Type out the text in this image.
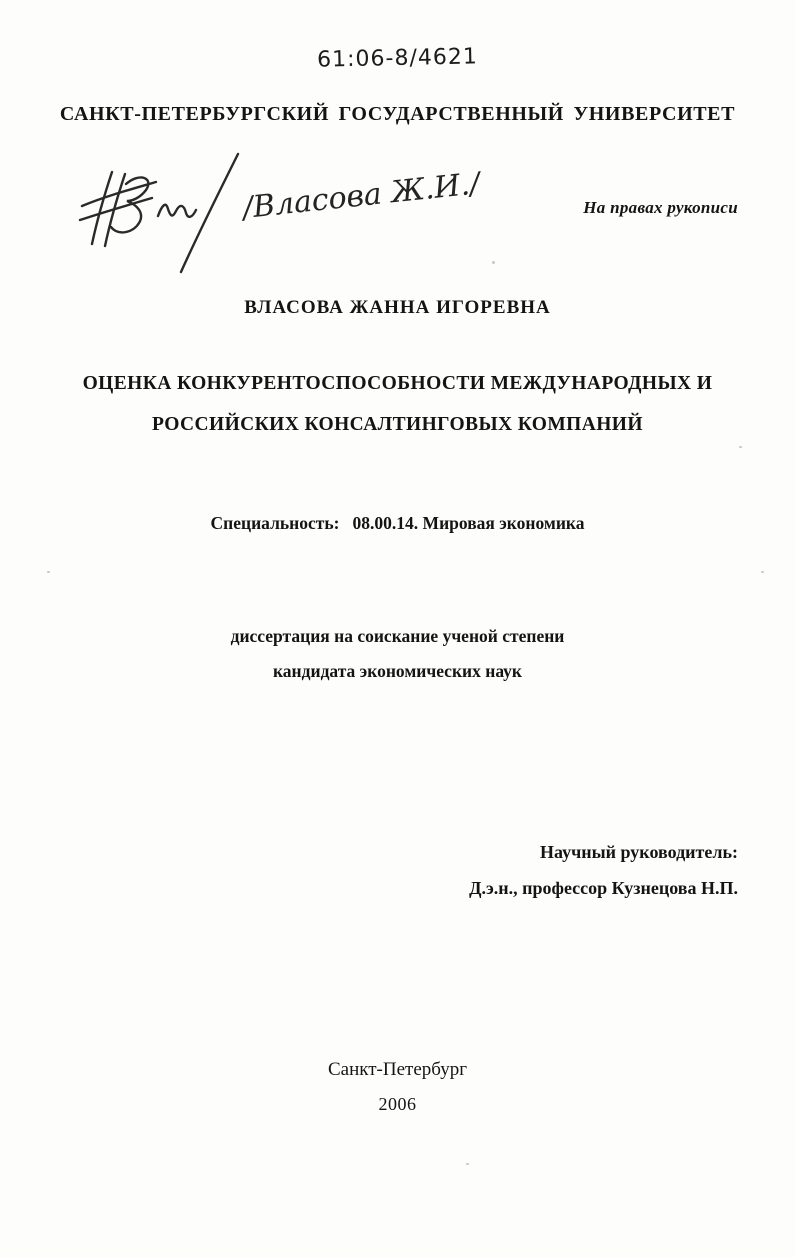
61:06-8/4621
САНКТ-ПЕТЕРБУРГСКИЙ ГОСУДАРСТВЕННЫЙ УНИВЕРСИТЕТ
/Власова Ж.И./	На правах рукописи
ВЛАСОВА ЖАННА ИГОРЕВНА
ОЦЕНКА КОНКУРЕНТОСПОСОБНОСТИ МЕЖДУНАРОДНЫХ И
РОССИЙСКИХ КОНСАЛТИНГОВЫХ КОМПАНИЙ
Специальность:   08.00.14. Мировая экономика
диссертация на соискание ученой степени
кандидата экономических наук
Научный руководитель:
Д.э.н., профессор Кузнецова Н.П.
Санкт-Петербург
2006
